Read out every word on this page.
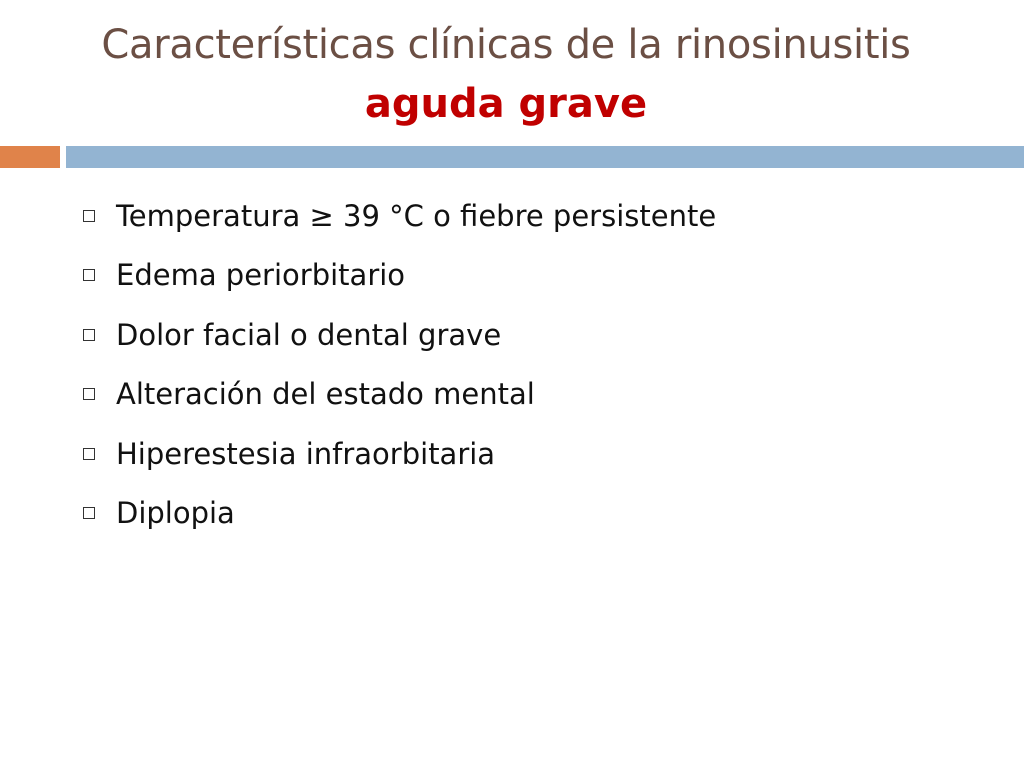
Características clínicas de la rinosinusitis
aguda grave
Temperatura ≥ 39 °C o fiebre persistente
Edema periorbitario
Dolor facial o dental grave
Alteración del estado mental
Hiperestesia infraorbitaria
Diplopia
